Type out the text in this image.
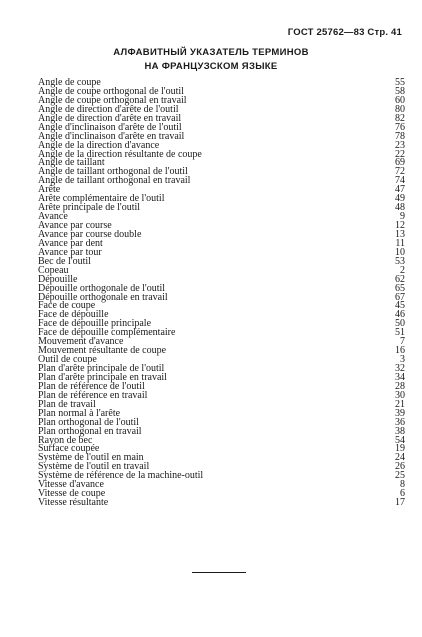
ГОСТ 25762—83 Стр. 41
АЛФАВИТНЫЙ УКАЗАТЕЛЬ ТЕРМИНОВ
НА ФРАНЦУЗСКОМ ЯЗЫКЕ
Angle de coupe	55
Angle de coupe orthogonal de l'outil	58
Angle de coupe orthogonal en travail	60
Angle de direction d'arête de l'outil	80
Angle de direction d'arête en travail	82
Angle d'inclinaison d'arête de l'outil	76
Angle d'inclinaison d'arête en travail	78
Angle de la direction d'avance	23
Angle de la direction résultante de coupe	22
Angle de taillant	69
Angle de taillant orthogonal de l'outil	72
Angle de taillant orthogonal en travail	74
Arête	47
Arête complémentaire de l'outil	49
Arête principale de l'outil	48
Avance	9
Avance par course	12
Avance par course double	13
Avance par dent	11
Avance par tour	10
Bec de l'outil	53
Copeau	2
Dépouille	62
Dépouille orthogonale de l'outil	65
Dépouille orthogonale en travail	67
Face de coupe	45
Face de dépouille	46
Face de dépouille principale	50
Face de dépouille complémentaire	51
Mouvement d'avance	7
Mouvement résultante de coupe	16
Outil de coupe	3
Plan d'arête principale de l'outil	32
Plan d'arête principale en travail	34
Plan de référence de l'outil	28
Plan de référence en travail	30
Plan de travail	21
Plan normal à l'arête	39
Plan orthogonal de l'outil	36
Plan orthogonal en travail	38
Rayon de bec	54
Surface coupée	19
Système de l'outil en main	24
Système de l'outil en travail	26
Système de référence de la machine-outil	25
Vitesse d'avance	8
Vitesse de coupe	6
Vitesse résultante	17
